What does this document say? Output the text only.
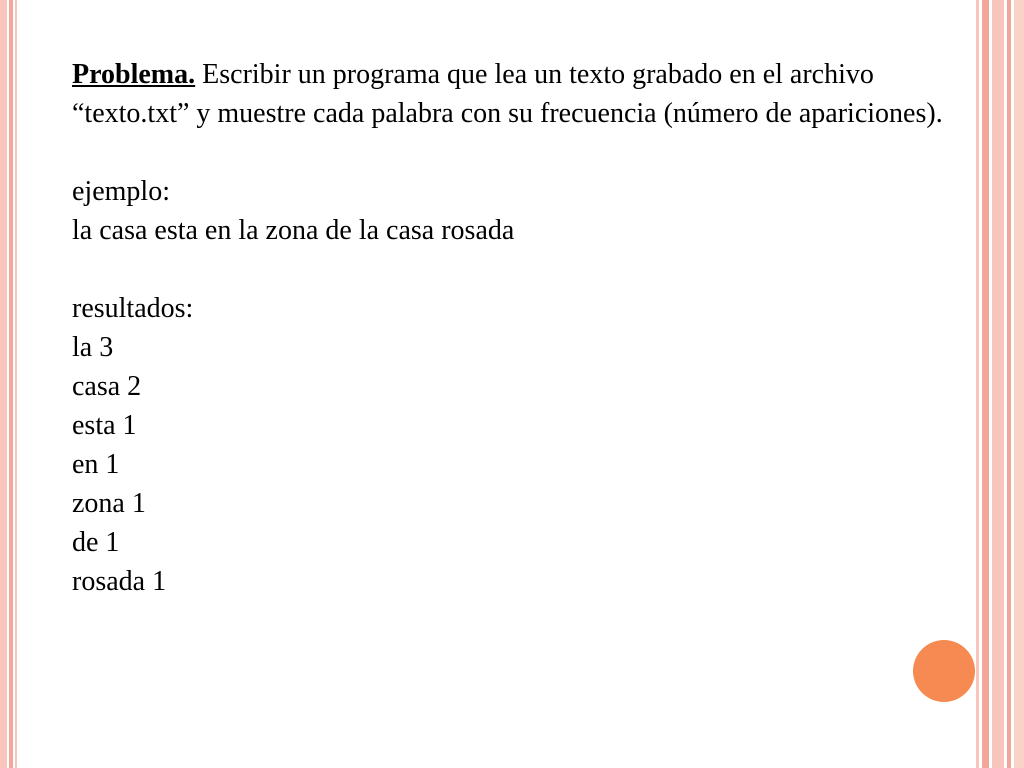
Problema. Escribir un programa que lea un texto grabado en el archivo “texto.txt” y muestre cada palabra con su frecuencia (número de apariciones).

ejemplo:

la casa esta en la zona de la casa rosada

resultados:

la 3

casa 2

esta 1

en 1

zona 1

de 1

rosada 1
